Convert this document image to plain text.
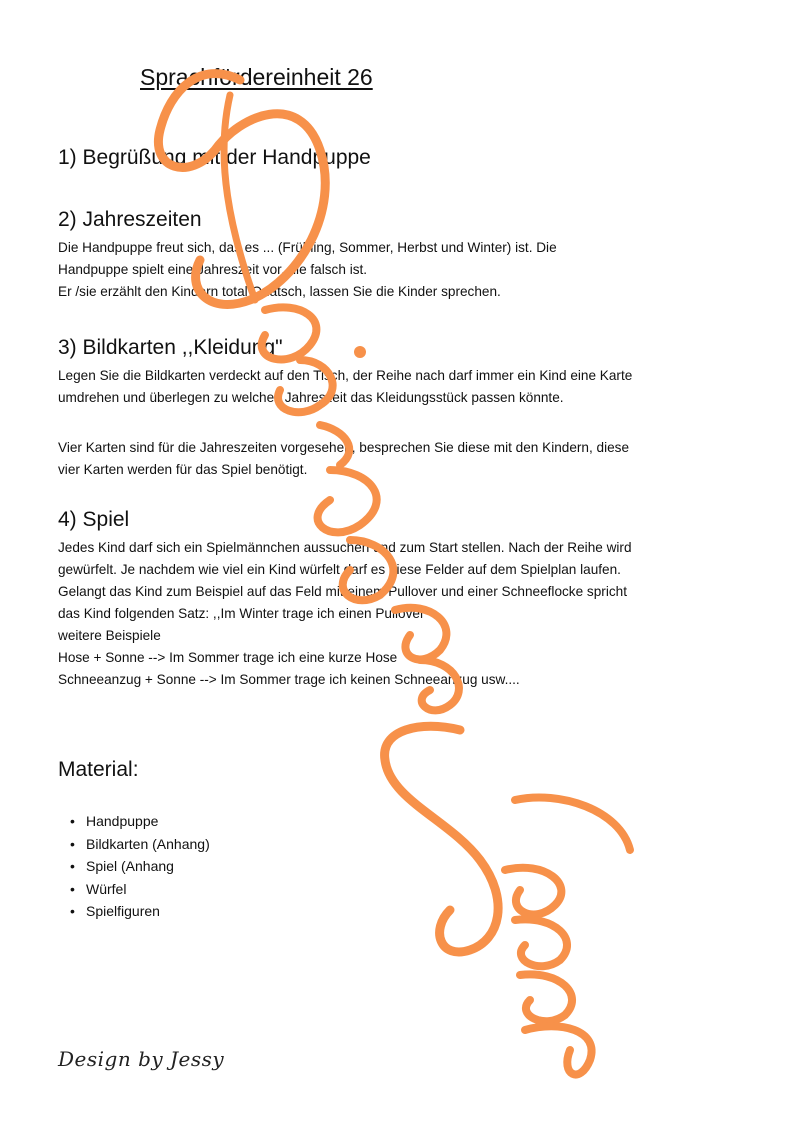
Sprachfördereinheit 26
1) Begrüßung mit der Handpuppe
2) Jahreszeiten
Die Handpuppe freut sich, das es ... (Frühling, Sommer, Herbst und Winter) ist. Die
Handpuppe spielt eine Jahreszeit vor, die falsch ist.
Er /sie erzählt den Kindern total Quatsch, lassen Sie die Kinder sprechen.
3) Bildkarten ,,Kleidung"
Legen Sie die Bildkarten verdeckt auf den Tisch, der Reihe nach darf immer ein Kind eine Karte
umdrehen und überlegen zu welches Jahreszeit das Kleidungsstück passen könnte.
Vier Karten sind für die Jahreszeiten vorgesehen, besprechen Sie diese mit den Kindern, diese
vier Karten werden für das Spiel benötigt.
4) Spiel
Jedes Kind darf sich ein Spielmännchen aussuchen und zum Start stellen. Nach der Reihe wird
gewürfelt. Je nachdem wie viel ein Kind würfelt darf es diese Felder auf dem Spielplan laufen.
Gelangt das Kind zum Beispiel auf das Feld mit einem Pullover und einer Schneeflocke spricht
das Kind folgenden Satz: ,,Im Winter trage ich einen Pullover"
weitere Beispiele
Hose + Sonne --> Im Sommer trage ich eine kurze Hose
Schneeanzug + Sonne --> Im Sommer trage ich keinen Schneeanzug usw....
Material:
• Handpuppe
• Bildkarten (Anhang)
• Spiel (Anhang
• Würfel
• Spielfiguren
Design by Jessy
